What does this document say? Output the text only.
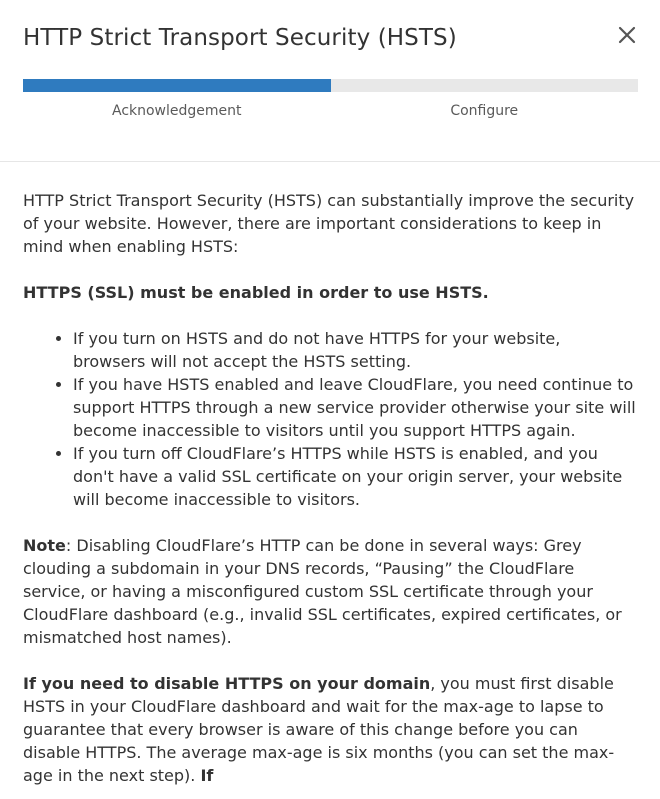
HTTP Strict Transport Security (HSTS)
Acknowledgement	Configure

HTTP Strict Transport Security (HSTS) can substantially improve the security of your website. However, there are important considerations to keep in mind when enabling HSTS:

HTTPS (SSL) must be enabled in order to use HSTS.

• If you turn on HSTS and do not have HTTPS for your website, browsers will not accept the HSTS setting.
• If you have HSTS enabled and leave CloudFlare, you need continue to support HTTPS through a new service provider otherwise your site will become inaccessible to visitors until you support HTTPS again.
• If you turn off CloudFlare’s HTTPS while HSTS is enabled, and you don't have a valid SSL certificate on your origin server, your website will become inaccessible to visitors.

Note: Disabling CloudFlare’s HTTP can be done in several ways: Grey clouding a subdomain in your DNS records, “Pausing” the CloudFlare service, or having a misconfigured custom SSL certificate through your CloudFlare dashboard (e.g., invalid SSL certificates, expired certificates, or mismatched host names).

If you need to disable HTTPS on your domain, you must first disable HSTS in your CloudFlare dashboard and wait for the max-age to lapse to guarantee that every browser is aware of this change before you can disable HTTPS. The average max-age is six months (you can set the max-age in the next step). If
